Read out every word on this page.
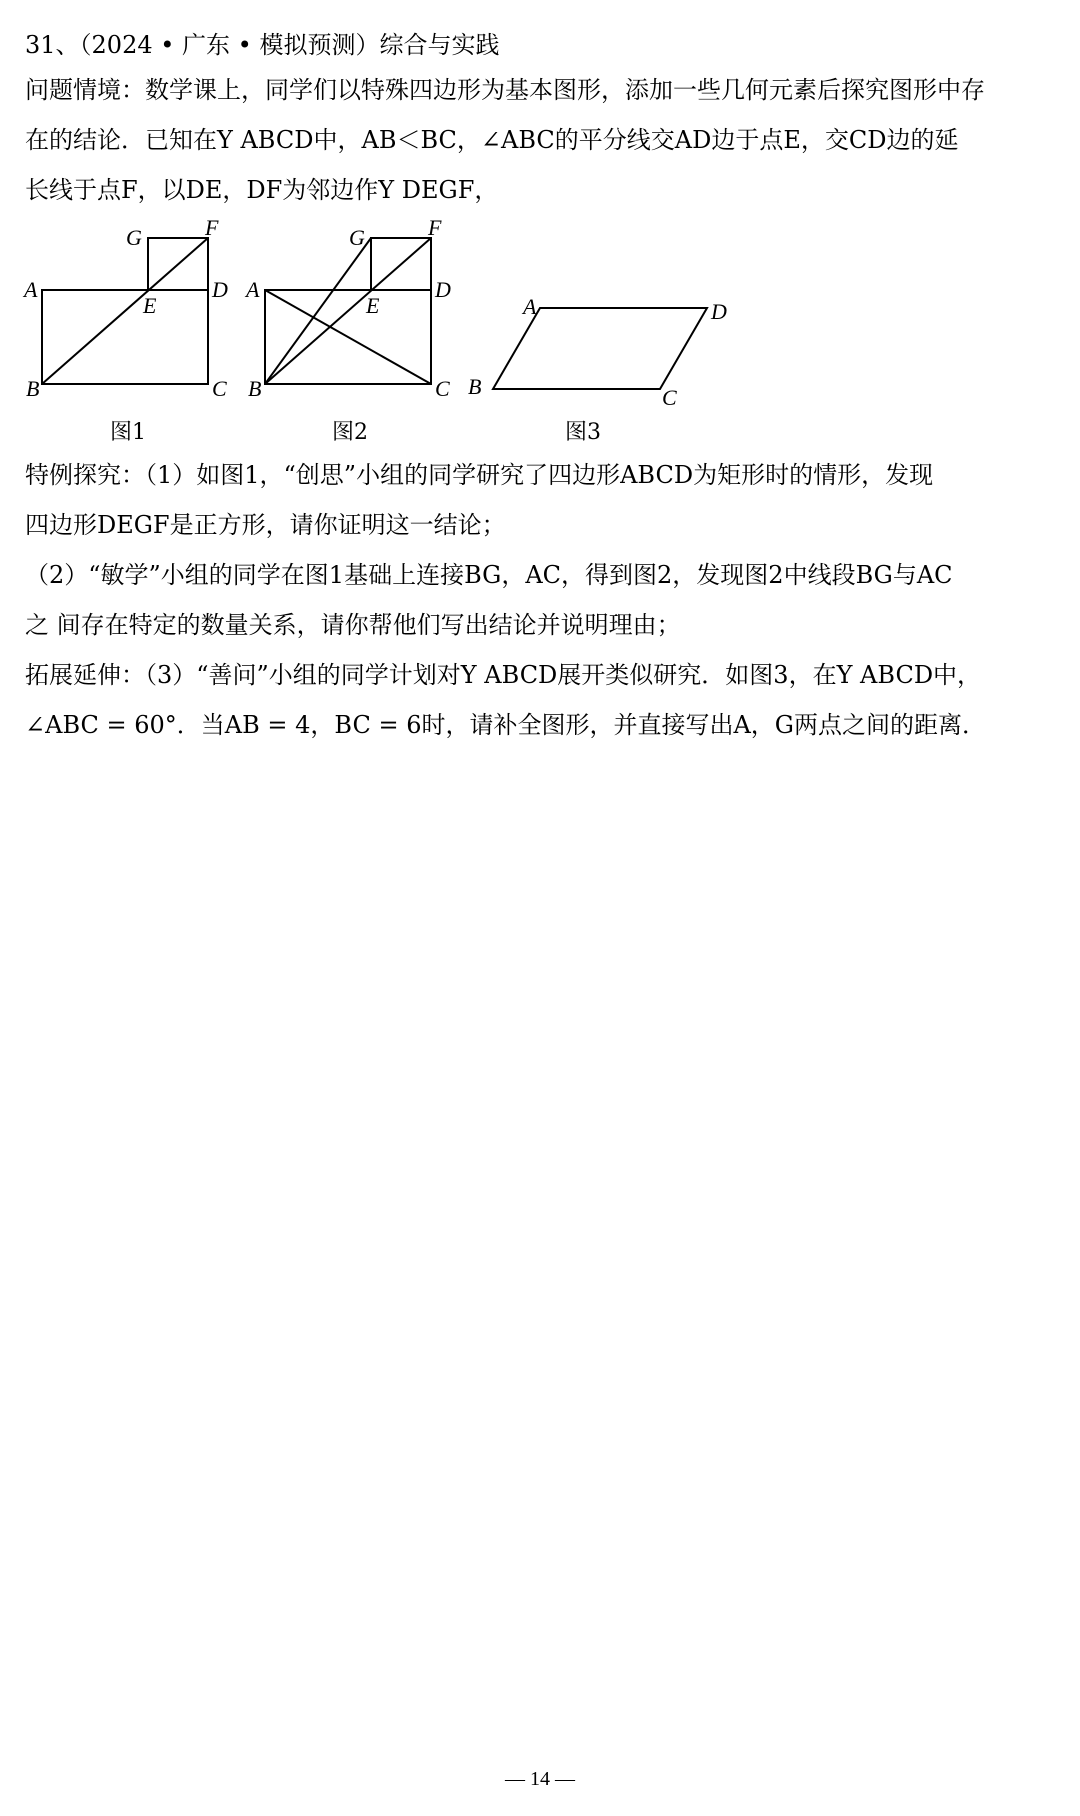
31、（2024 • 广东 • 模拟预测）综合与实践
问题情境：数学课上，同学们以特殊四边形为基本图形，添加一些几何元素后探究图形中存
在的结论．已知在Y ABCD中，AB＜BC，∠ABC的平分线交AD边于点E，交CD边的延
长线于点F，以DE，DF为邻边作Y DEGF，
G	F
A
E
D
B	C
G	F
A
E
D
B	C
A	D
B	C
图1	图2	图3
特例探究：（1）如图1，“创思”小组的同学研究了四边形ABCD为矩形时的情形，发现
四边形DEGF是正方形，请你证明这一结论；
（2）“敏学”小组的同学在图1基础上连接BG，AC，得到图2，发现图2中线段BG与AC
之 间存在特定的数量关系，请你帮他们写出结论并说明理由；
拓展延伸：（3）“善问”小组的同学计划对Y ABCD展开类似研究．如图3，在Y ABCD中，
∠ABC = 60°．当AB = 4，BC = 6时，请补全图形，并直接写出A，G两点之间的距离．
— 14 —
